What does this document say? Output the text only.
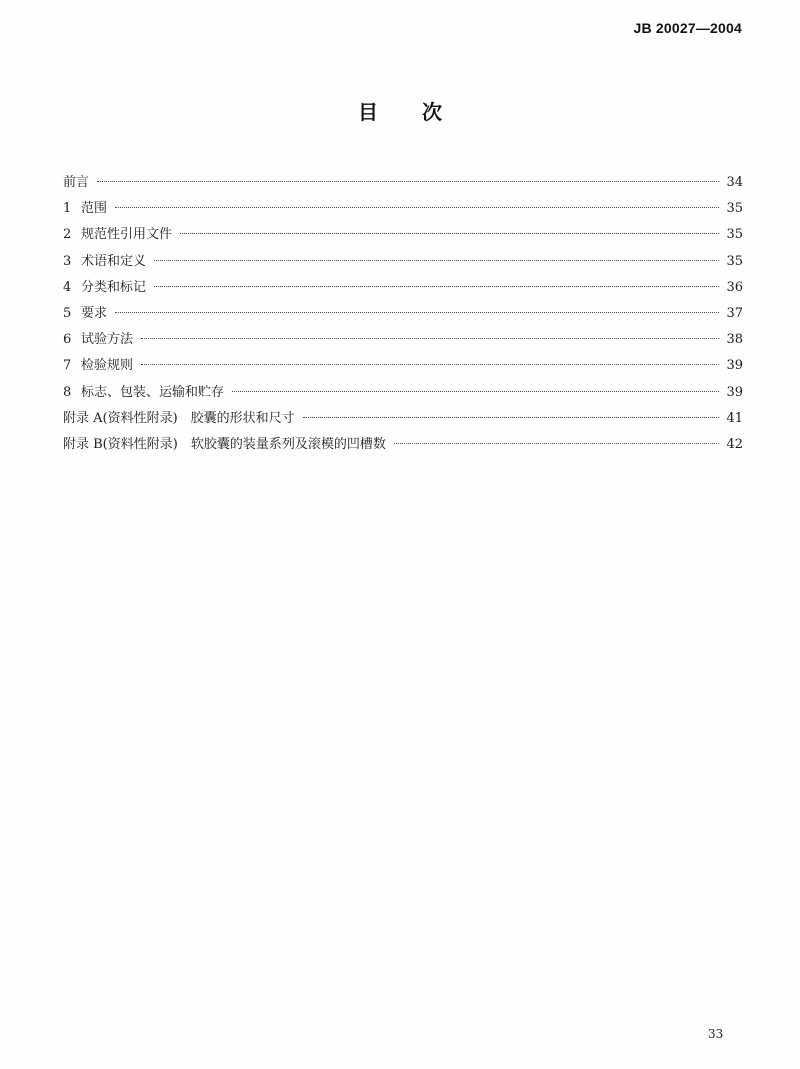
JB 20027—2004
目次
前言	34
1 范围	35
2 规范性引用文件	35
3 术语和定义	35
4 分类和标记	36
5 要求	37
6 试验方法	38
7 检验规则	39
8 标志、包装、运输和贮存	39
附录 A(资料性附录)　胶囊的形状和尺寸	41
附录 B(资料性附录)　软胶囊的装量系列及滚模的凹槽数	42
33
